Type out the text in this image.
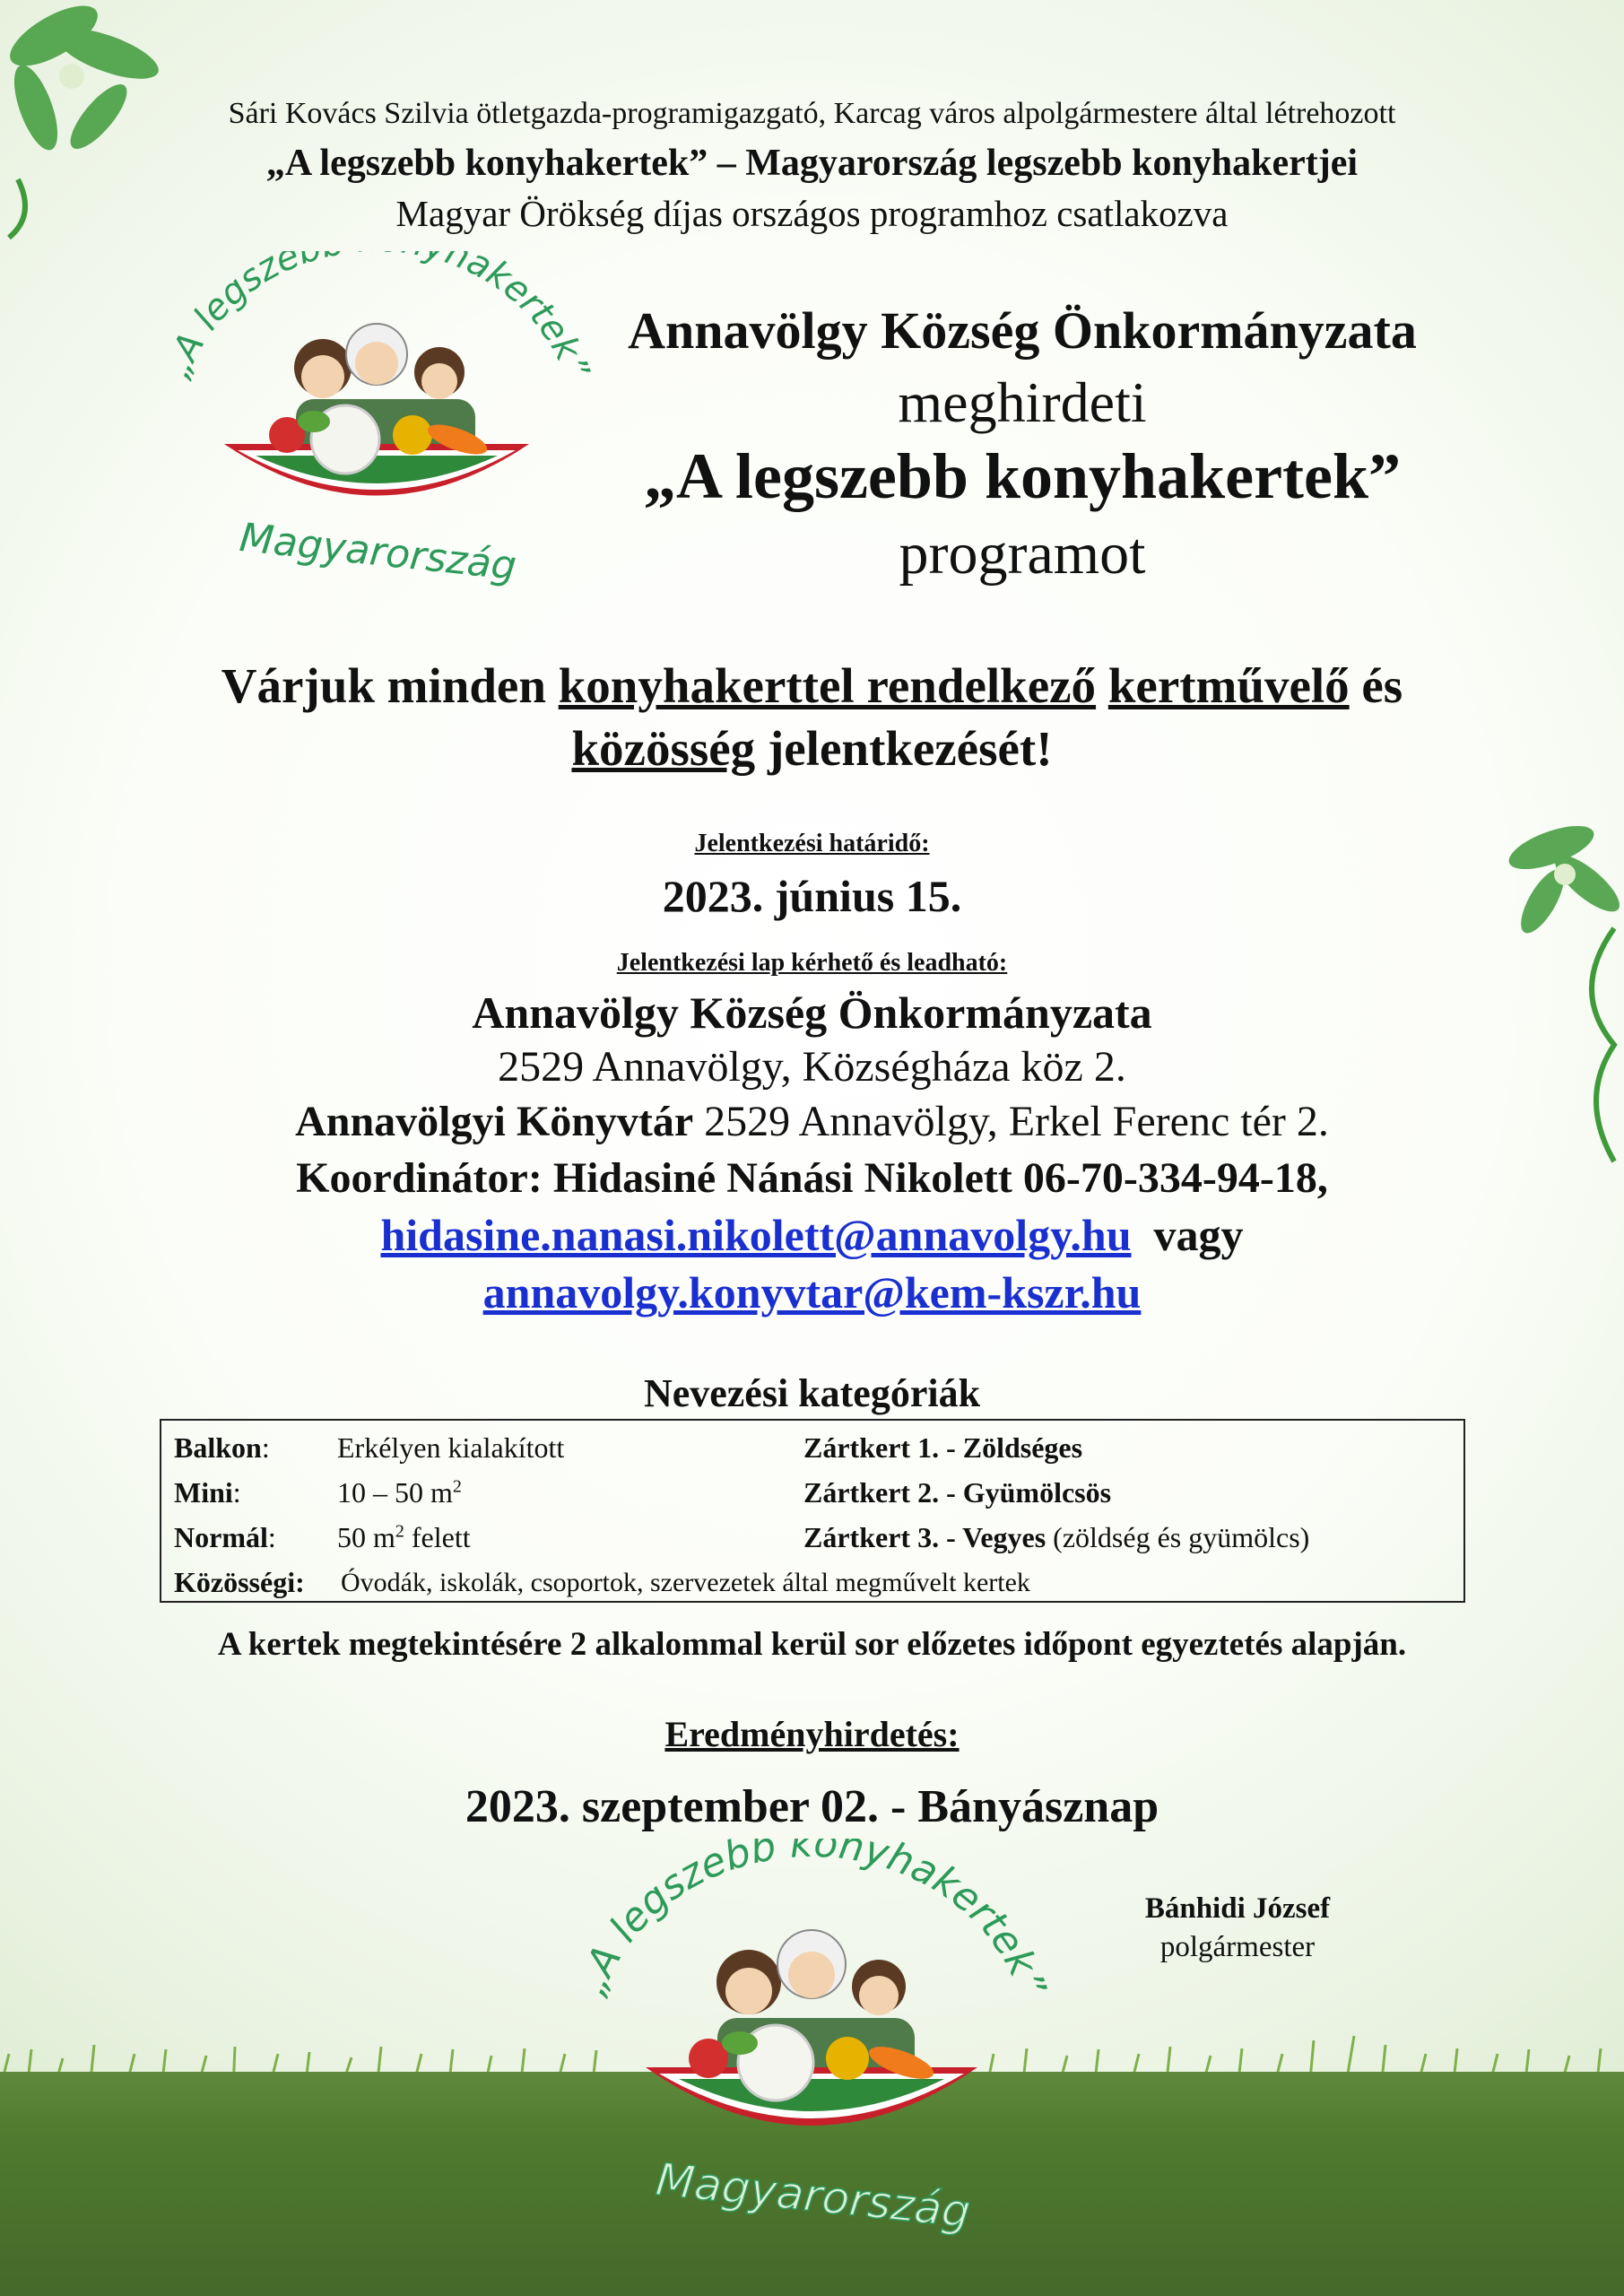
Sári Kovács Szilvia ötletgazda-programigazgató, Karcag város alpolgármestere által létrehozott
„A legszebb konyhakertek” – Magyarország legszebb konyhakertjei
Magyar Örökség díjas országos programhoz csatlakozva
„A legsze hakertek”
Magyarország
Annavölgy Község Önkormányzata
meghirdeti
„A legszebb konyhakertek”
programot
Várjuk minden konyhakerttel rendelkező kertművelő és
közösség jelentkezését!
Jelentkezési határidő:
2023. június 15.
Jelentkezési lap kérhető és leadható:
Annavölgy Község Önkormányzata
2529 Annavölgy, Községháza köz 2.
Annavölgyi Könyvtár 2529 Annavölgy, Erkel Ferenc tér 2.
Koordinátor: Hidasiné Nánási Nikolett 06-70-334-94-18,
hidasine.nanasi.nikolett@annavolgy.hu vagy
annavolgy.konyvtar@kem-kszr.hu
Nevezési kategóriák
Balkon: Erkélyen kialakított	Zártkert 1. - Zöldséges
Mini:	10 – 50 $m^2$	Zártkert 2. - Gyümölcsös
Normál: 50 $m^2$ felett	Zártkert 3. - Vegyes (zöldség és gyümölcs)
Közösségi: Óvodák, iskolák, csoportok, szervezetek által megművelt kertek
A kertek megtekintésére 2 alkalommal kerül sor előzetes időpont egyeztetés alapján.
Eredményhirdetés:
2023. szeptember 02. - Bányásznap
„A legszebb konyhakertek”
Magyarország
Bánhidi József
polgármester
